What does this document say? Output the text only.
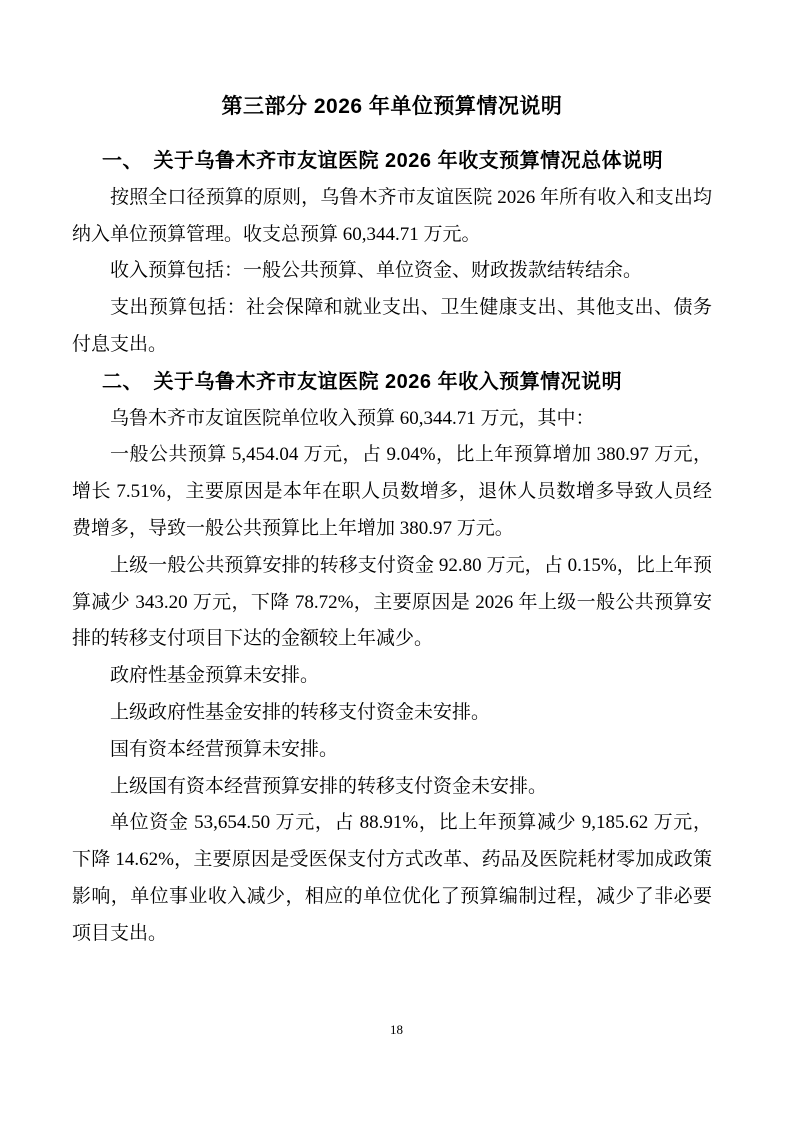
第三部分 2026 年单位预算情况说明
一、　关于乌鲁木齐市友谊医院 2026 年收支预算情况总体说明

按照全口径预算的原则，乌鲁木齐市友谊医院 2026 年所有收入和支出均纳入单位预算管理。收支总预算 60,344.71 万元。

收入预算包括：一般公共预算、单位资金、财政拨款结转结余。

支出预算包括：社会保障和就业支出、卫生健康支出、其他支出、债务付息支出。

二、　关于乌鲁木齐市友谊医院 2026 年收入预算情况说明

乌鲁木齐市友谊医院单位收入预算 60,344.71 万元，其中：

一般公共预算 5,454.04 万元，占 9.04%，比上年预算增加 380.97 万元，增长 7.51%，主要原因是本年在职人员数增多，退休人员数增多导致人员经费增多，导致一般公共预算比上年增加 380.97 万元。

上级一般公共预算安排的转移支付资金 92.80 万元，占 0.15%，比上年预算减少 343.20 万元，下降 78.72%，主要原因是 2026 年上级一般公共预算安排的转移支付项目下达的金额较上年减少。

政府性基金预算未安排。

上级政府性基金安排的转移支付资金未安排。

国有资本经营预算未安排。

上级国有资本经营预算安排的转移支付资金未安排。

单位资金 53,654.50 万元，占 88.91%，比上年预算减少 9,185.62 万元，下降 14.62%，主要原因是受医保支付方式改革、药品及医院耗材零加成政策影响，单位事业收入减少，相应的单位优化了预算编制过程，减少了非必要项目支出。

18
